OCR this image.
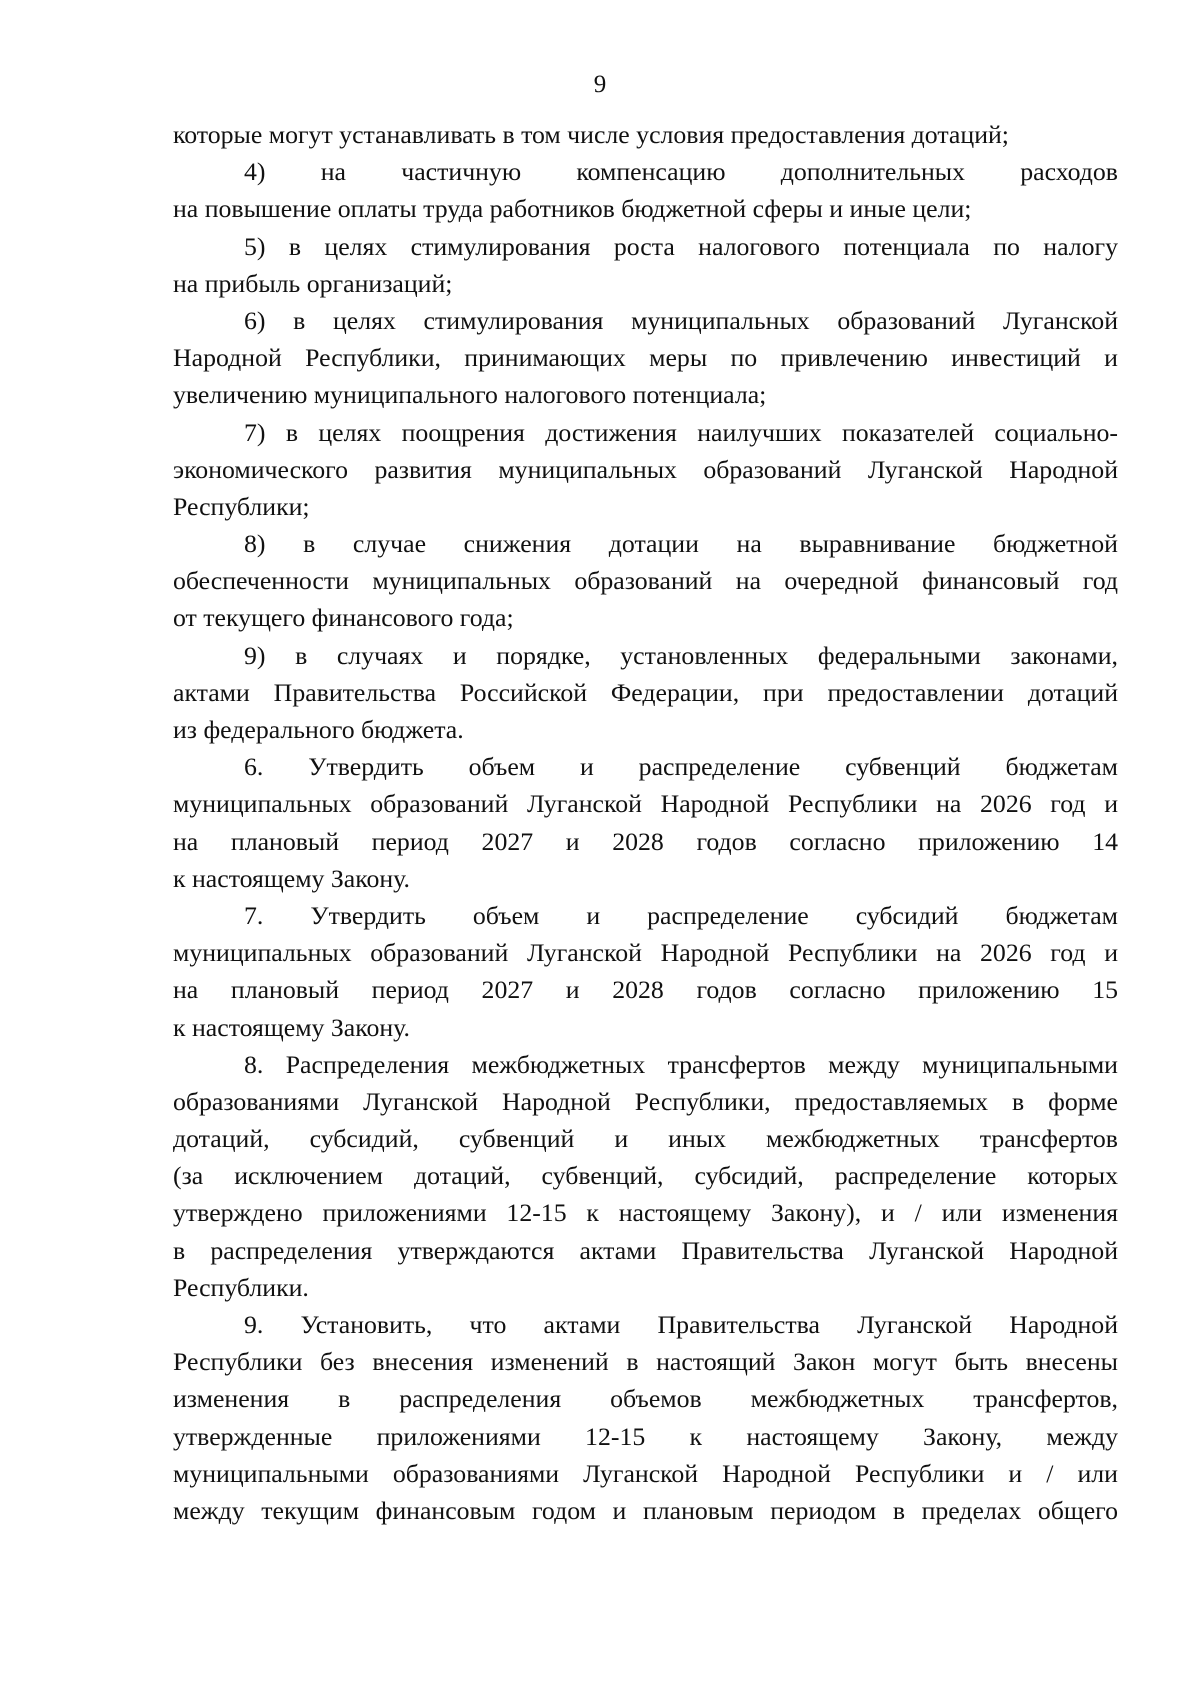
9
которые могут устанавливать в том числе условия предоставления дотаций;
4) на частичную компенсацию дополнительных расходов
на повышение оплаты труда работников бюджетной сферы и иные цели;
5) в целях стимулирования роста налогового потенциала по налогу
на прибыль организаций;
6) в целях стимулирования муниципальных образований Луганской
Народной Республики, принимающих меры по привлечению инвестиций и
увеличению муниципального налогового потенциала;
7) в целях поощрения достижения наилучших показателей социально-
экономического развития муниципальных образований Луганской Народной
Республики;
8) в случае снижения дотации на выравнивание бюджетной
обеспеченности муниципальных образований на очередной финансовый год
от текущего финансового года;
9) в случаях и порядке, установленных федеральными законами,
актами Правительства Российской Федерации, при предоставлении дотаций
из федерального бюджета.
6. Утвердить объем и распределение субвенций бюджетам
муниципальных образований Луганской Народной Республики на 2026 год и
на плановый период 2027 и 2028 годов согласно приложению 14
к настоящему Закону.
7. Утвердить объем и распределение субсидий бюджетам
муниципальных образований Луганской Народной Республики на 2026 год и
на плановый период 2027 и 2028 годов согласно приложению 15
к настоящему Закону.
8. Распределения межбюджетных трансфертов между муниципальными
образованиями Луганской Народной Республики, предоставляемых в форме
дотаций, субсидий, субвенций и иных межбюджетных трансфертов
(за исключением дотаций, субвенций, субсидий, распределение которых
утверждено приложениями 12-15 к настоящему Закону), и / или изменения
в распределения утверждаются актами Правительства Луганской Народной
Республики.
9. Установить, что актами Правительства Луганской Народной
Республики без внесения изменений в настоящий Закон могут быть внесены
изменения в распределения объемов межбюджетных трансфертов,
утвержденные приложениями 12-15 к настоящему Закону, между
муниципальными образованиями Луганской Народной Республики и / или
между текущим финансовым годом и плановым периодом в пределах общего
